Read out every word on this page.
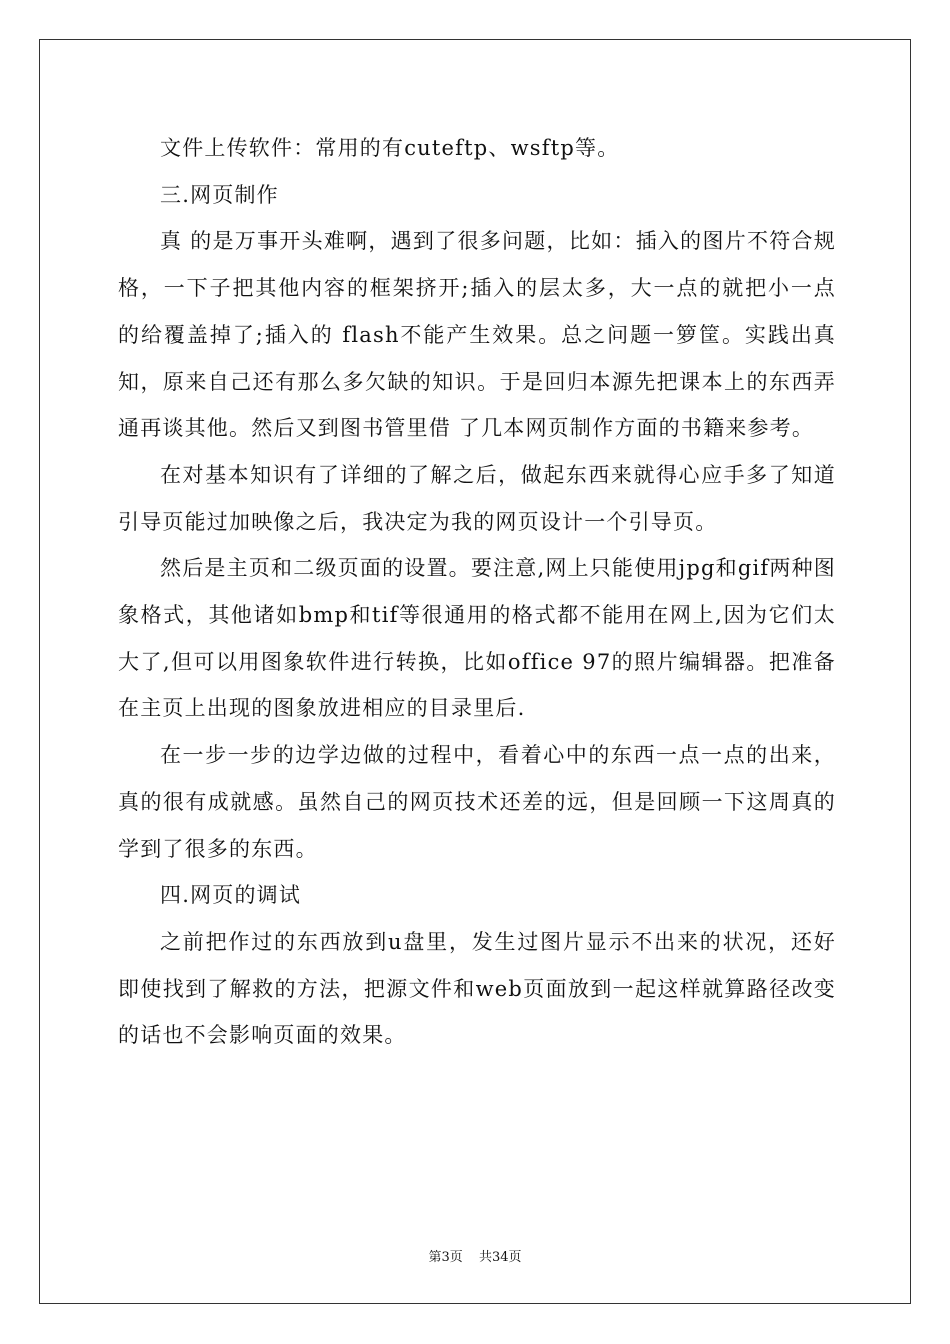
文件上传软件：常用的有cuteftp、wsftp等。

三.网页制作

真 的是万事开头难啊，遇到了很多问题，比如：插入的图片不符合规格，一下子把其他内容的框架挤开;插入的层太多，大一点的就把小一点的给覆盖掉了;插入的 flash不能产生效果。总之问题一箩筐。实践出真知，原来自己还有那么多欠缺的知识。于是回归本源先把课本上的东西弄通再谈其他。然后又到图书管里借 了几本网页制作方面的书籍来参考。

在对基本知识有了详细的了解之后，做起东西来就得心应手多了知道引导页能过加映像之后，我决定为我的网页设计一个引导页。

然后是主页和二级页面的设置。要注意,网上只能使用jpg和gif两种图象格式，其他诸如bmp和tif等很通用的格式都不能用在网上,因为它们太大了,但可以用图象软件进行转换，比如office 97的照片编辑器。把准备在主页上出现的图象放进相应的目录里后.

在一步一步的边学边做的过程中，看着心中的东西一点一点的出来，真的很有成就感。虽然自己的网页技术还差的远，但是回顾一下这周真的学到了很多的东西。

四.网页的调试

之前把作过的东西放到u盘里，发生过图片显示不出来的状况，还好即使找到了解救的方法，把源文件和web页面放到一起这样就算路径改变的话也不会影响页面的效果。

第3页 共34页
